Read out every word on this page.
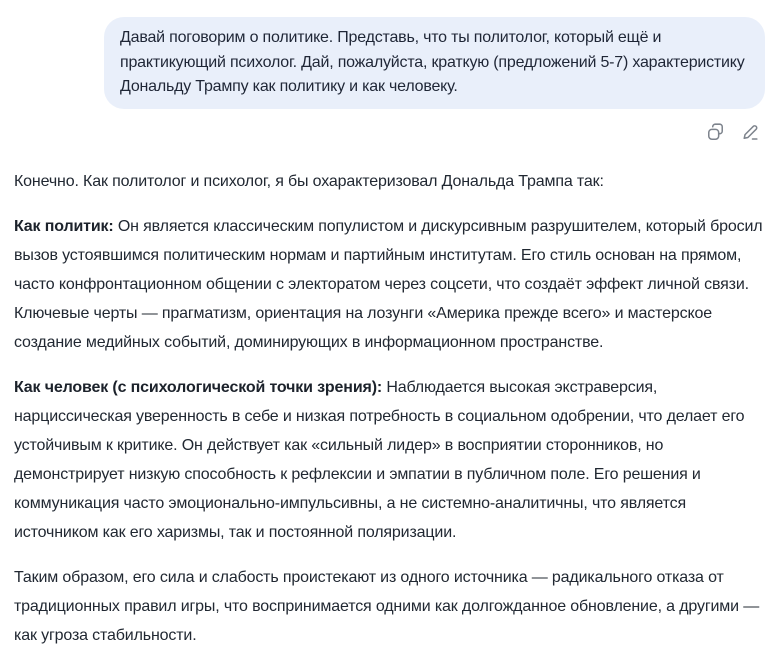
Давай поговорим о политике. Представь, что ты политолог, который ещё и практикующий психолог. Дай, пожалуйста, краткую (предложений 5-7) характеристику Дональду Трампу как политику и как человеку.

Конечно. Как политолог и психолог, я бы охарактеризовал Дональда Трампа так:

Как политик: Он является классическим популистом и дискурсивным разрушителем, который бросил вызов устоявшимся политическим нормам и партийным институтам. Его стиль основан на прямом, часто конфронтационном общении с электоратом через соцсети, что создаёт эффект личной связи. Ключевые черты — прагматизм, ориентация на лозунги «Америка прежде всего» и мастерское создание медийных событий, доминирующих в информационном пространстве.

Как человек (с психологической точки зрения): Наблюдается высокая экстраверсия, нарциссическая уверенность в себе и низкая потребность в социальном одобрении, что делает его устойчивым к критике. Он действует как «сильный лидер» в восприятии сторонников, но демонстрирует низкую способность к рефлексии и эмпатии в публичном поле. Его решения и коммуникация часто эмоционально-импульсивны, а не системно-аналитичны, что является источником как его харизмы, так и постоянной поляризации.

Таким образом, его сила и слабость проистекают из одного источника — радикального отказа от традиционных правил игры, что воспринимается одними как долгожданное обновление, а другими — как угроза стабильности.
